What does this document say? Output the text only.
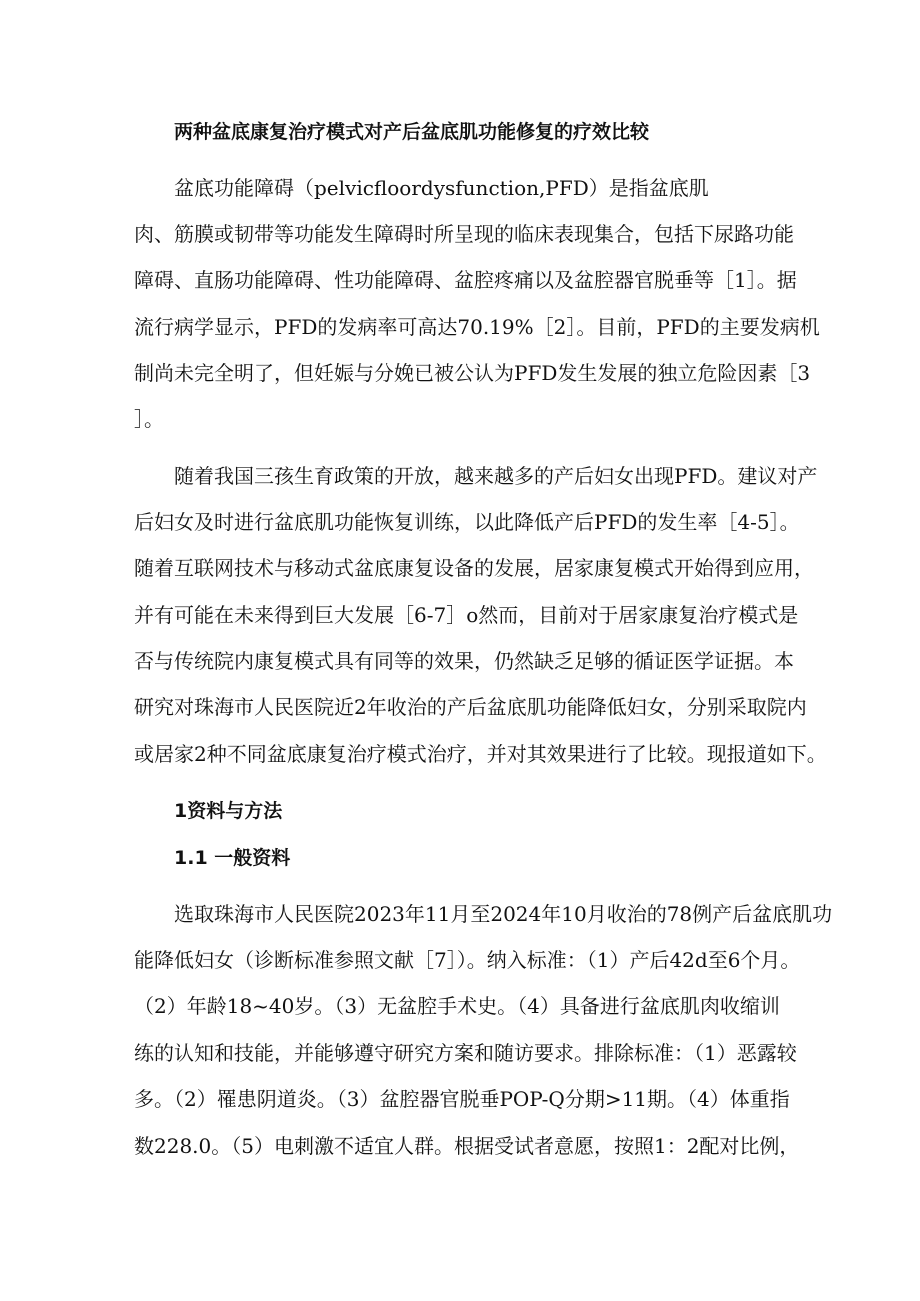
两种盆底康复治疗模式对产后盆底肌功能修复的疗效比较
盆底功能障碍（pelvicfloordysfunction,PFD）是指盆底肌
肉、筋膜或韧带等功能发生障碍时所呈现的临床表现集合，包括下尿路功能
障碍、直肠功能障碍、性功能障碍、盆腔疼痛以及盆腔器官脱垂等［1］。据
流行病学显示，PFD的发病率可高达70.19%［2］。目前，PFD的主要发病机
制尚未完全明了，但妊娠与分娩已被公认为PFD发生发展的独立危险因素［3
］。
随着我国三孩生育政策的开放，越来越多的产后妇女出现PFD。建议对产
后妇女及时进行盆底肌功能恢复训练，以此降低产后PFD的发生率［4-5］。
随着互联网技术与移动式盆底康复设备的发展，居家康复模式开始得到应用，
并有可能在未来得到巨大发展［6-7］o然而，目前对于居家康复治疗模式是
否与传统院内康复模式具有同等的效果，仍然缺乏足够的循证医学证据。本
研究对珠海市人民医院近2年收治的产后盆底肌功能降低妇女，分别采取院内
或居家2种不同盆底康复治疗模式治疗，并对其效果进行了比较。现报道如下。
1资料与方法
1.1 一般资料
选取珠海市人民医院2023年11月至2024年10月收治的78例产后盆底肌功
能降低妇女（诊断标准参照文献［7］）。纳入标准：（1）产后42d至6个月。
（2）年龄18~40岁。（3）无盆腔手术史。（4）具备进行盆底肌肉收缩训
练的认知和技能，并能够遵守研究方案和随访要求。排除标准：（1）恶露较
多。（2）罹患阴道炎。（3）盆腔器官脱垂POP-Q分期>11期。（4）体重指
数228.0。（5）电刺激不适宜人群。根据受试者意愿，按照1：2配对比例，
